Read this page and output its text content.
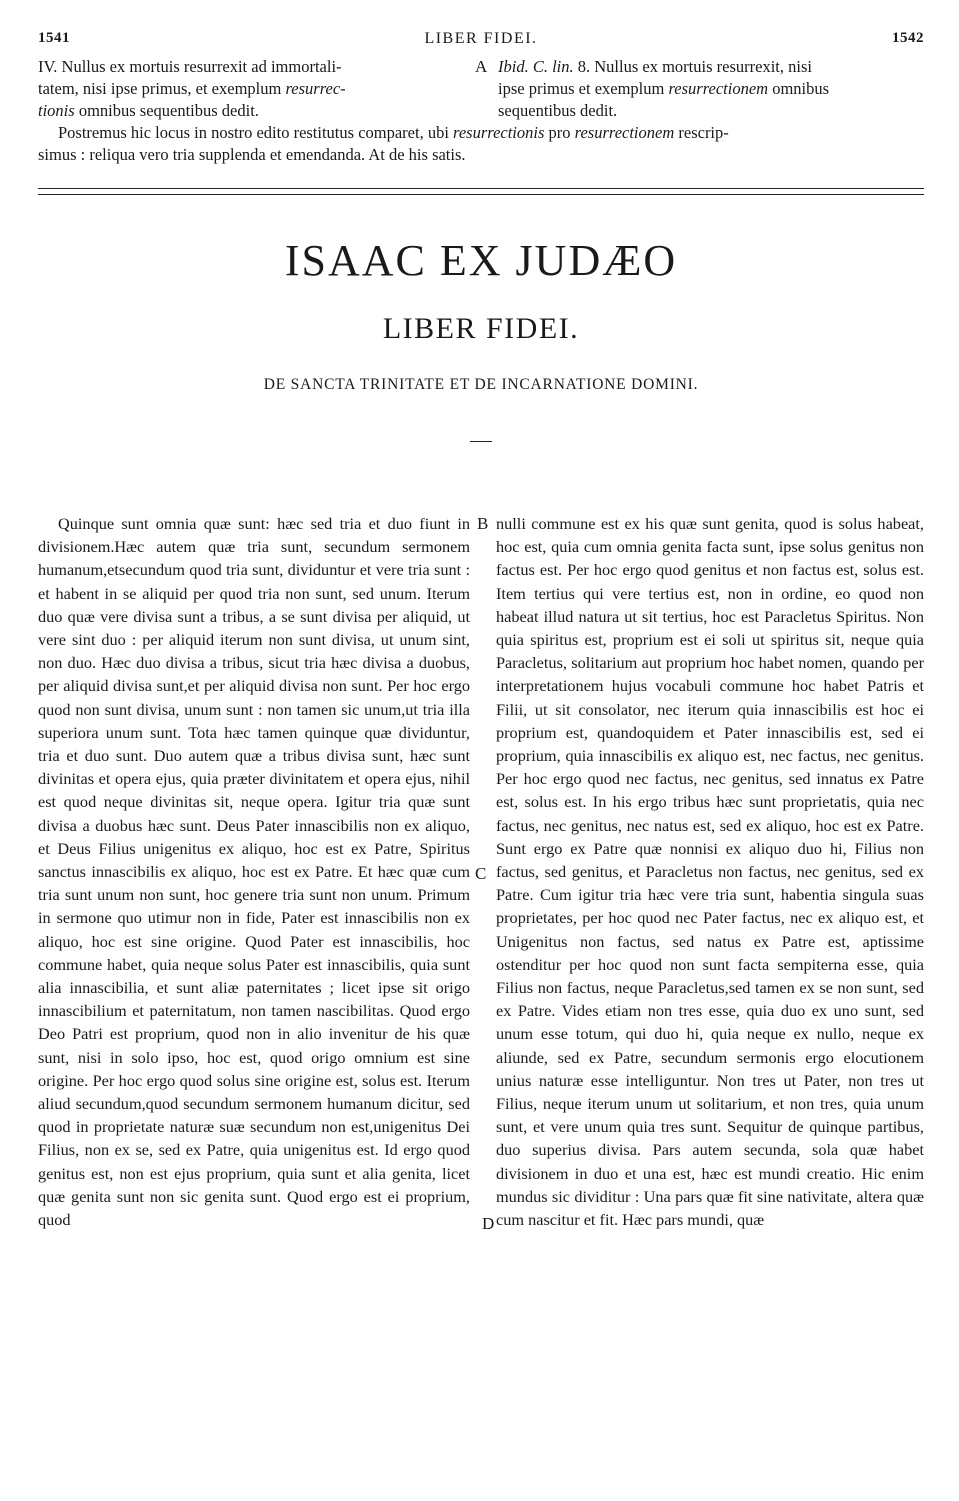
1541	LIBER FIDEI.	1542
A
IV. Nullus ex mortuis resurrexit ad immortali-
tatem, nisi ipse primus, et exemplum resurrec-
tionis omnibus sequentibus dedit.
Ibid. C. lin. 8. Nullus ex mortuis resurrexit, nisi
ipse primus et exemplum resurrectionem omnibus
sequentibus dedit.
Postremus hic locus in nostro edito restitutus comparet, ubi resurrectionis pro resurrectionem rescrip-
simus : reliqua vero tria supplenda et emendanda. At de his satis.
ISAAC EX JUDÆO
LIBER FIDEI.
DE SANCTA TRINITATE ET DE INCARNATIONE DOMINI.

Quinque sunt omnia quæ sunt: hæc sed tria et duo fiunt in divisionem.Hæc autem quæ tria sunt, secundum sermonem humanum,etsecundum quod tria sunt, dividuntur et vere tria sunt : et habent in se aliquid per quod tria non sunt, sed unum. Iterum duo quæ vere divisa sunt a tribus, a se sunt divisa per aliquid, ut vere sint duo : per aliquid iterum non sunt divisa, ut unum sint, non duo. Hæc duo divisa a tribus, sicut tria hæc divisa a duobus, per aliquid divisa sunt,et per aliquid divisa non sunt. Per hoc ergo quod non sunt divisa, unum sunt : non tamen sic unum,ut tria illa superiora unum sunt. Tota hæc tamen quinque quæ dividuntur, tria et duo sunt. Duo autem quæ a tribus divisa sunt, hæc sunt divinitas et opera ejus, quia præter divinitatem et opera ejus, nihil est quod neque divinitas sit, neque opera. Igitur tria quæ sunt divisa a duobus hæc sunt. Deus Pater innascibilis non ex aliquo, et Deus Filius unigenitus ex aliquo, hoc est ex Patre, Spiritus sanctus innascibilis ex aliquo, hoc est ex Patre. Et hæc quæ cum tria sunt unum non sunt, hoc genere tria sunt non unum. Primum in sermone quo utimur non in fide, Pater est innascibilis non ex aliquo, hoc est sine origine. Quod Pater est innascibilis, hoc commune habet, quia neque solus Pater est innascibilis, quia sunt alia innascibilia, et sunt aliæ paternitates ; licet ipse sit origo innascibilium et paternitatum, non tamen nascibilitas. Quod ergo Deo Patri est proprium, quod non in alio invenitur de his quæ sunt, nisi in solo ipso, hoc est, quod origo omnium est sine origine. Per hoc ergo quod solus sine origine est, solus est. Iterum aliud secundum,quod secundum sermonem humanum dicitur, sed quod in proprietate naturæ suæ secundum non est,unigenitus Dei Filius, non ex se, sed ex Patre, quia unigenitus est. Id ergo quod genitus est, non est ejus proprium, quia sunt et alia genita, licet quæ genita sunt non sic genita sunt. Quod ergo est ei proprium, quod

B
C
D

nulli commune est ex his quæ sunt genita, quod is solus habeat, hoc est, quia cum omnia genita facta sunt, ipse solus genitus non factus est. Per hoc ergo quod genitus et non factus est, solus est. Item tertius qui vere tertius est, non in ordine, eo quod non habeat illud natura ut sit tertius, hoc est Paracletus Spiritus. Non quia spiritus est, proprium est ei soli ut spiritus sit, neque quia Paracletus, solitarium aut proprium hoc habet nomen, quando per interpretationem hujus vocabuli commune hoc habet Patris et Filii, ut sit consolator, nec iterum quia innascibilis est hoc ei proprium est, quandoquidem et Pater innascibilis est, sed ei proprium, quia innascibilis ex aliquo est, nec factus, nec genitus. Per hoc ergo quod nec factus, nec genitus, sed innatus ex Patre est, solus est. In his ergo tribus hæc sunt proprietatis, quia nec factus, nec genitus, nec natus est, sed ex aliquo, hoc est ex Patre. Sunt ergo ex Patre quæ nonnisi ex aliquo duo hi, Filius non factus, sed genitus, et Paracletus non factus, nec genitus, sed ex Patre. Cum igitur tria hæc vere tria sunt, habentia singula suas proprietates, per hoc quod nec Pater factus, nec ex aliquo est, et Unigenitus non factus, sed natus ex Patre est, aptissime ostenditur per hoc quod non sunt facta sempiterna esse, quia Filius non factus, neque Paracletus,sed tamen ex se non sunt, sed ex Patre. Vides etiam non tres esse, quia duo ex uno sunt, sed unum esse totum, qui duo hi, quia neque ex nullo, neque ex aliunde, sed ex Patre, secundum sermonis ergo elocutionem unius naturæ esse intelliguntur. Non tres ut Pater, non tres ut Filius, neque iterum unum ut solitarium, et non tres, quia unum sunt, et vere unum quia tres sunt. Sequitur de quinque partibus, duo superius divisa. Pars autem secunda, sola quæ habet divisionem in duo et una est, hæc est mundi creatio. Hic enim mundus sic dividitur : Una pars quæ fit sine nativitate, altera quæ cum nascitur et fit. Hæc pars mundi, quæ
